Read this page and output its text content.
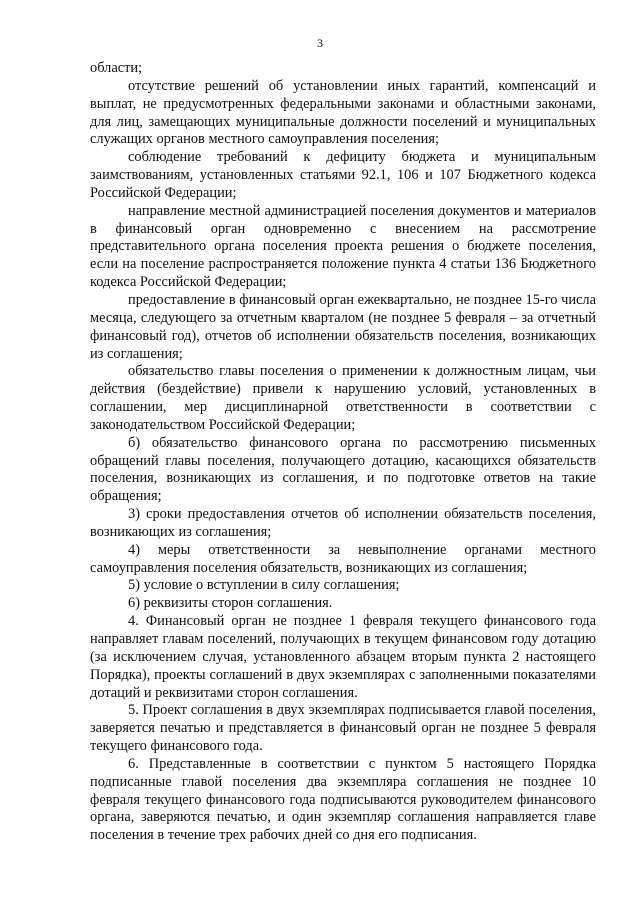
3

области;

отсутствие решений об установлении иных гарантий, компенсаций и выплат, не предусмотренных федеральными законами и областными законами, для лиц, замещающих муниципальные должности поселений и муниципальных служащих органов местного самоуправления поселения;

соблюдение требований к дефициту бюджета и муниципальным заимствованиям, установленных статьями 92.1, 106 и 107 Бюджетного кодекса Российской Федерации;

направление местной администрацией поселения документов и материалов в финансовый орган одновременно с внесением на рассмотрение представительного органа поселения проекта решения о бюджете поселения, если на поселение распространяется положение пункта 4 статьи 136 Бюджетного кодекса Российской Федерации;

предоставление в финансовый орган ежеквартально, не позднее 15-го числа месяца, следующего за отчетным кварталом (не позднее 5 февраля – за отчетный финансовый год), отчетов об исполнении обязательств поселения, возникающих из соглашения;

обязательство главы поселения о применении к должностным лицам, чьи действия (бездействие) привели к нарушению условий, установленных в соглашении, мер дисциплинарной ответственности в соответствии с законодательством Российской Федерации;

б) обязательство финансового органа по рассмотрению письменных обращений главы поселения, получающего дотацию, касающихся обязательств поселения, возникающих из соглашения, и по подготовке ответов на такие обращения;

3) сроки предоставления отчетов об исполнении обязательств поселения, возникающих из соглашения;

4) меры ответственности за невыполнение органами местного самоуправления поселения обязательств, возникающих из соглашения;

5) условие о вступлении в силу соглашения;

6) реквизиты сторон соглашения.

4. Финансовый орган не позднее 1 февраля текущего финансового года направляет главам поселений, получающих в текущем финансовом году дотацию (за исключением случая, установленного абзацем вторым пункта 2 настоящего Порядка), проекты соглашений в двух экземплярах с заполненными показателями дотаций и реквизитами сторон соглашения.

5. Проект соглашения в двух экземплярах подписывается главой поселения, заверяется печатью и представляется в финансовый орган не позднее 5 февраля текущего финансового года.

6. Представленные в соответствии с пунктом 5 настоящего Порядка подписанные главой поселения два экземпляра соглашения не позднее 10 февраля текущего финансового года подписываются руководителем финансового органа, заверяются печатью, и один экземпляр соглашения направляется главе поселения в течение трех рабочих дней со дня его подписания.
